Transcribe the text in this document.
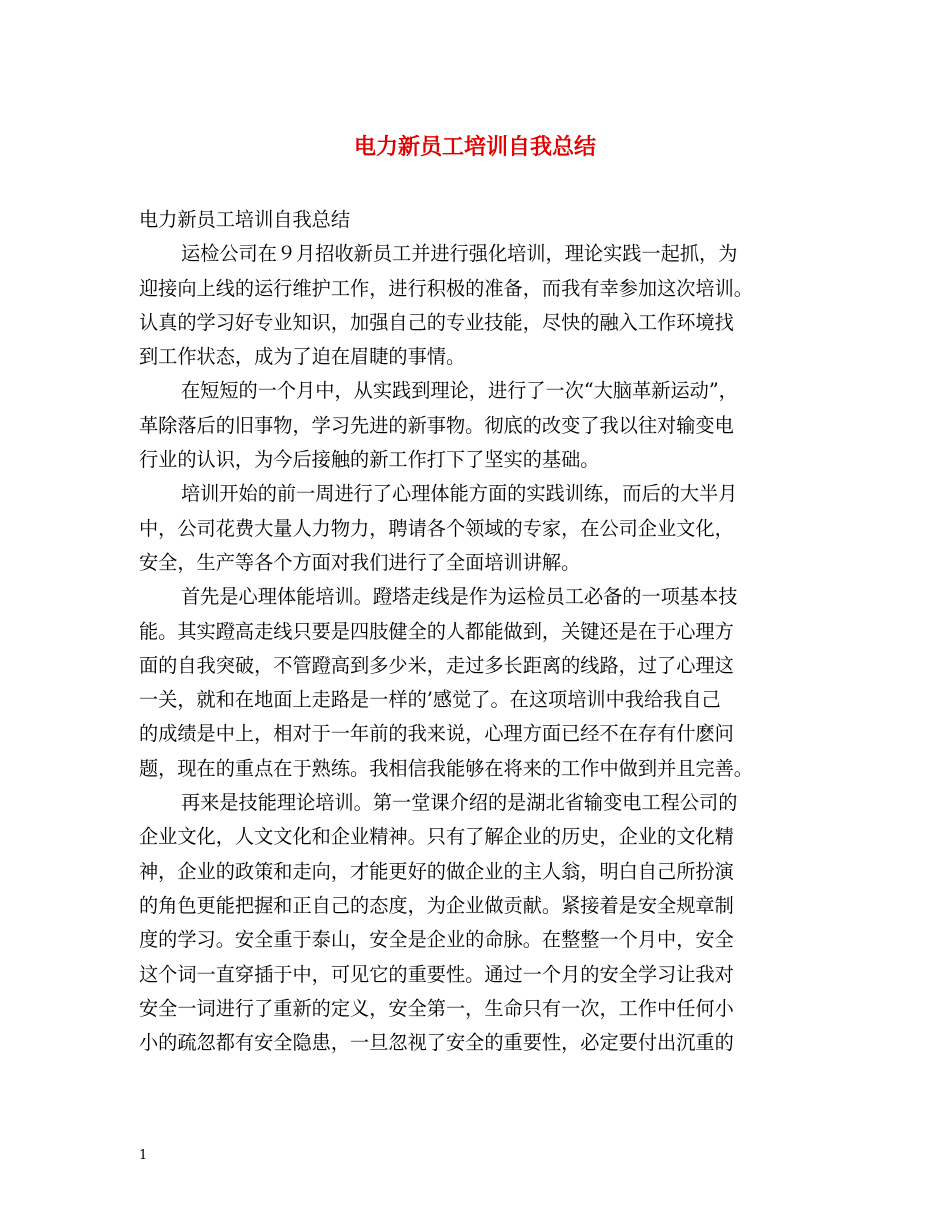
电力新员工培训自我总结
电力新员工培训自我总结
运检公司在９月招收新员工并进行强化培训，理论实践一起抓，为
迎接向上线的运行维护工作，进行积极的准备，而我有幸参加这次培训。
认真的学习好专业知识，加强自己的专业技能，尽快的融入工作环境找
到工作状态，成为了迫在眉睫的事情。
在短短的一个月中，从实践到理论，进行了一次“大脑革新运动”，
革除落后的旧事物，学习先进的新事物。彻底的改变了我以往对输变电
行业的认识，为今后接触的新工作打下了坚实的基础。
培训开始的前一周进行了心理体能方面的实践训练，而后的大半月
中，公司花费大量人力物力，聘请各个领域的专家，在公司企业文化，
安全，生产等各个方面对我们进行了全面培训讲解。
首先是心理体能培训。蹬塔走线是作为运检员工必备的一项基本技
能。其实蹬高走线只要是四肢健全的人都能做到，关键还是在于心理方
面的自我突破，不管蹬高到多少米，走过多长距离的线路，过了心理这
一关，就和在地面上走路是一样的’感觉了。在这项培训中我给我自己
的成绩是中上，相对于一年前的我来说，心理方面已经不在存有什麽问
题，现在的重点在于熟练。我相信我能够在将来的工作中做到并且完善。
再来是技能理论培训。第一堂课介绍的是湖北省输变电工程公司的
企业文化，人文文化和企业精神。只有了解企业的历史，企业的文化精
神，企业的政策和走向，才能更好的做企业的主人翁，明白自己所扮演
的角色更能把握和正自己的态度，为企业做贡献。紧接着是安全规章制
度的学习。安全重于泰山，安全是企业的命脉。在整整一个月中，安全
这个词一直穿插于中，可见它的重要性。通过一个月的安全学习让我对
安全一词进行了重新的定义，安全第一，生命只有一次，工作中任何小
小的疏忽都有安全隐患，一旦忽视了安全的重要性，必定要付出沉重的
1
